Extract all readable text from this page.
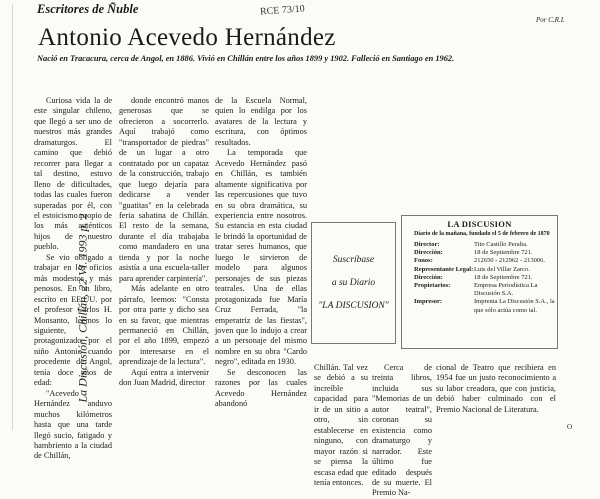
La Discusión, Chillán, 22 VI. 1993 p. 2
Escritores de Ñuble	RCE 73/10
Por C.R.I.
Antonio Acevedo Hernández
Nació en Tracacura, cerca de Angol, en 1886. Vivió en Chillán entre los años 1899 y 1902. Falleció en Santiago en 1962.

Curiosa vida la de este singular chileno, que llegó a ser uno de nuestros más grandes dramaturgos. El camino que debió recorrer para llegar a tal destino, estuvo lleno de dificultades, todas las cuales fueron superadas por él, con el estoicismo propio de los más auténticos hijos de nuestro pueblo.

Se vio obligado a trabajar en los oficios más modestos y más penosos. En un libro, escrito en EE.UU. por el profesor Carlos H. Monsanto, leemos lo siguiente, protagonizado por el niño Antonio cuando procedente de Angol, tenía doce años de edad:

"Acevedo Hernández anduvo muchos kilómetros hasta que una tarde llegó sucio, fatigado y hambriento a la ciudad de Chillán,

donde encontró manos generosas que se ofrecieron a socorrerlo. Aquí trabajó como "transportador de piedras" de un lugar a otro contratado por un capataz de la construcción, trabajo que luego dejaría para dedicarse a vender "guatitas" en la celebrada feria sabatina de Chillán. El resto de la semana, durante el día trabajaba como mandadero en una tienda y por la noche asistía a una escuela-taller para aprender carpintería".

Más adelante en otro párrafo, leemos: "Consta por otra parte y dicho sea en su favor, que mientras permaneció en Chillán, por el año 1899, empezó por interesarse en el aprendizaje de la lectura".

Aquí entra a intervenir don Juan Madrid, director

de la Escuela Normal, quien lo endilga por los avatares de la lectura y escritura, con óptimos resultados.

La temporada que Acevedo Hernández pasó en Chillán, es también altamente significativa por las repercusiones que tuvo en su obra dramática, su experiencia entre nosotros. Su estancia en esta ciudad le brindó la oportunidad de tratar seres humanos, que luego le sirvieron de modelo para algunos personajes de sus piezas teatrales. Una de ellas protagonizada fue María Cruz Ferrada, "la emperatriz de las fiestas", joven que lo indujo a crear a un personaje del mismo nombre en su obra "Cardo negro", editada en 1930.

Se desconocen las razones por las cuales Acevedo Hernández abandonó

Suscríbase
a su Diario
"LA DISCUSION"
LA DISCUSION
Diario de la mañana, fundado el 5 de febrero de 1870
Director:	Tito Castillo Peralta.
Dirección:	18 de Septiembre 721.
Fonos:	212650 - 212962 - 213006.
Representante Legal: Luis del Villar Zarco.
Dirección:	18 de Septiembre 721.
Propietarios:	Empresa Periodística La Discusión S.A.
Impresor:	Imprenta La Discusión S.A., la que sólo actúa como tal.

Chillán. Tal vez se debió a su increíble capacidad para ir de un sitio a otro, sin establecerse en ninguno, con mayor razón si se piensa la escasa edad que tenía entonces.

Cerca de treinta libros, incluida sus "Memorias de un autor teatral", coronan su existencia como dramaturgo y narrador. Este último fue editado después de su muerte. El Premio Na-

cional de Teatro que recibiera en 1954 fue un justo reconocimiento a su labor creadora, que con justicia, debió haber culminado con el Premio Nacional de Literatura.

O
